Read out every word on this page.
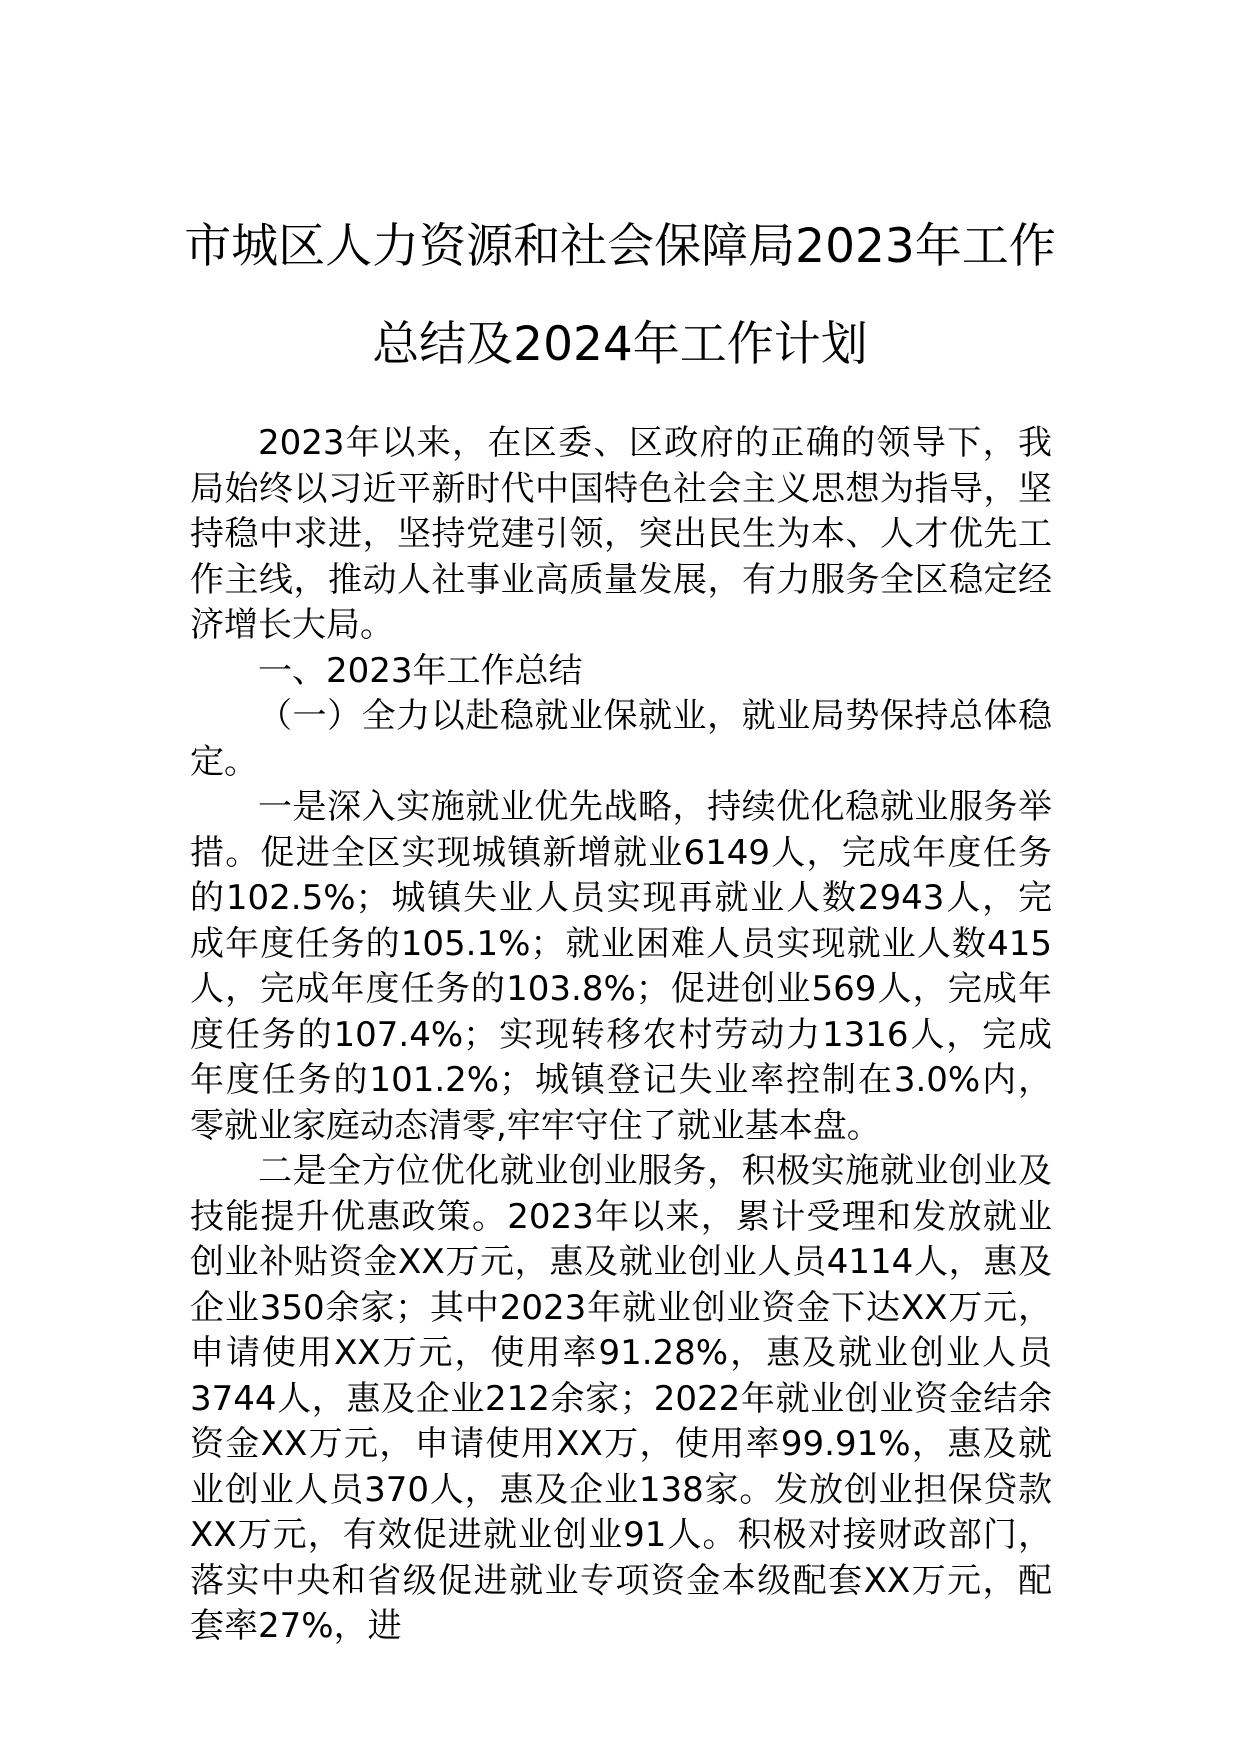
市城区人力资源和社会保障局2023年工作
总结及2024年工作计划

2023年以来，在区委、区政府的正确的领导下，我局始终以习近平新时代中国特色社会主义思想为指导，坚持稳中求进，坚持党建引领，突出民生为本、人才优先工作主线，推动人社事业高质量发展，有力服务全区稳定经济增长大局。

一、2023年工作总结

（一）全力以赴稳就业保就业，就业局势保持总体稳定。

一是深入实施就业优先战略，持续优化稳就业服务举措。促进全区实现城镇新增就业6149人，完成年度任务的102.5%；城镇失业人员实现再就业人数2943人，完成年度任务的105.1%；就业困难人员实现就业人数415人，完成年度任务的103.8%；促进创业569人，完成年度任务的107.4%；实现转移农村劳动力1316人，完成年度任务的101.2%；城镇登记失业率控制在3.0%内，零就业家庭动态清零,牢牢守住了就业基本盘。

二是全方位优化就业创业服务，积极实施就业创业及技能提升优惠政策。2023年以来，累计受理和发放就业创业补贴资金XX万元，惠及就业创业人员4114人，惠及企业350余家；其中2023年就业创业资金下达XX万元，申请使用XX万元，使用率91.28%，惠及就业创业人员3744人，惠及企业212余家；2022年就业创业资金结余资金XX万元，申请使用XX万，使用率99.91%，惠及就业创业人员370人，惠及企业138家。发放创业担保贷款XX万元，有效促进就业创业91人。积极对接财政部门，落实中央和省级促进就业专项资金本级配套XX万元，配套率27%，进
